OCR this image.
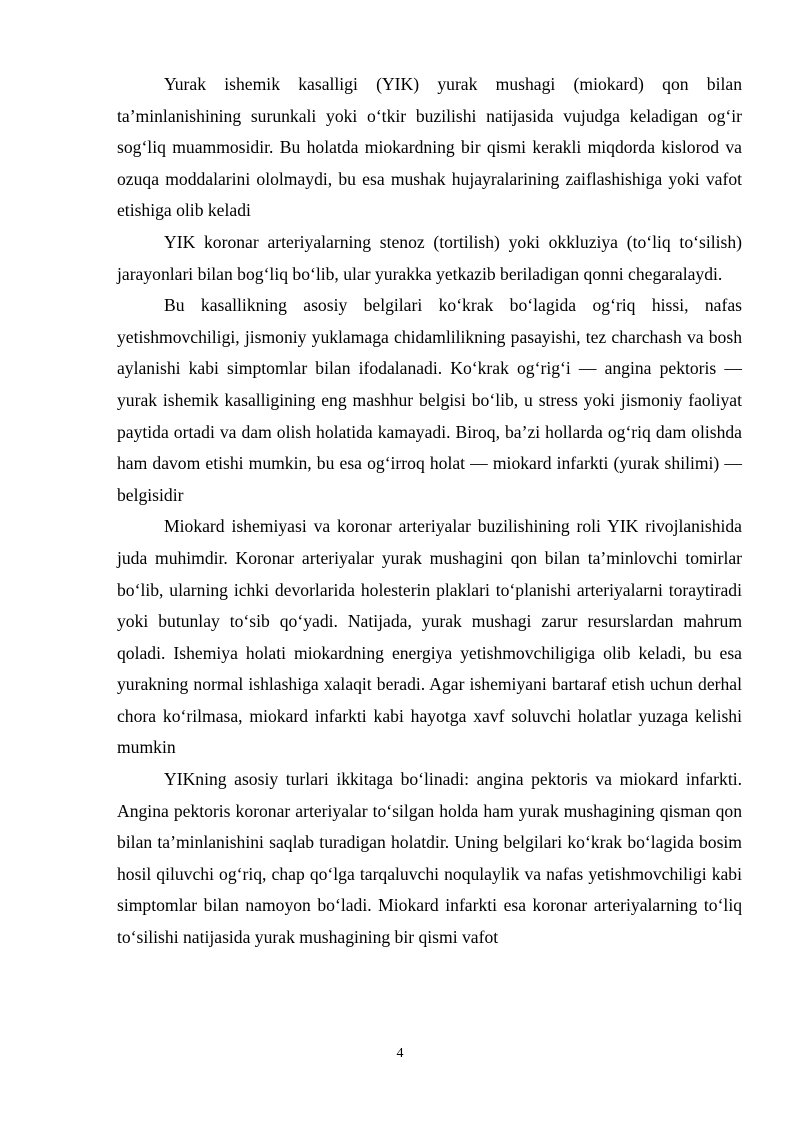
Yurak ishemik kasalligi (YIK) yurak mushagi (miokard) qon bilan ta’minlanishining surunkali yoki o‘tkir buzilishi natijasida vujudga keladigan og‘ir sog‘liq muammosidir. Bu holatda miokardning bir qismi kerakli miqdorda kislorod va ozuqa moddalarini ololmaydi, bu esa mushak hujayralarining zaiflashishiga yoki vafot etishiga olib keladi

YIK koronar arteriyalarning stenoz (tortilish) yoki okkluziya (to‘liq to‘silish) jarayonlari bilan bog‘liq bo‘lib, ular yurakka yetkazib beriladigan qonni chegaralaydi.

Bu kasallikning asosiy belgilari ko‘krak bo‘lagida og‘riq hissi, nafas yetishmovchiligi, jismoniy yuklamaga chidamlilikning pasayishi, tez charchash va bosh aylanishi kabi simptomlar bilan ifodalanadi. Ko‘krak og‘rig‘i — angina pektoris — yurak ishemik kasalligining eng mashhur belgisi bo‘lib, u stress yoki jismoniy faoliyat paytida ortadi va dam olish holatida kamayadi. Biroq, ba’zi hollarda og‘riq dam olishda ham davom etishi mumkin, bu esa og‘irroq holat — miokard infarkti (yurak shilimi) — belgisidir

Miokard ishemiyasi va koronar arteriyalar buzilishining roli YIK rivojlanishida juda muhimdir. Koronar arteriyalar yurak mushagini qon bilan ta’minlovchi tomirlar bo‘lib, ularning ichki devorlarida holesterin plaklari to‘planishi arteriyalarni toraytiradi yoki butunlay to‘sib qo‘yadi. Natijada, yurak mushagi zarur resurslardan mahrum qoladi. Ishemiya holati miokardning energiya yetishmovchiligiga olib keladi, bu esa yurakning normal ishlashiga xalaqit beradi. Agar ishemiyani bartaraf etish uchun derhal chora ko‘rilmasa, miokard infarkti kabi hayotga xavf soluvchi holatlar yuzaga kelishi mumkin

YIKning asosiy turlari ikkitaga bo‘linadi: angina pektoris va miokard infarkti. Angina pektoris koronar arteriyalar to‘silgan holda ham yurak mushagining qisman qon bilan ta’minlanishini saqlab turadigan holatdir. Uning belgilari ko‘krak bo‘lagida bosim hosil qiluvchi og‘riq, chap qo‘lga tarqaluvchi noqulaylik va nafas yetishmovchiligi kabi simptomlar bilan namoyon bo‘ladi. Miokard infarkti esa koronar arteriyalarning to‘liq to‘silishi natijasida yurak mushagining bir qismi vafot

4
